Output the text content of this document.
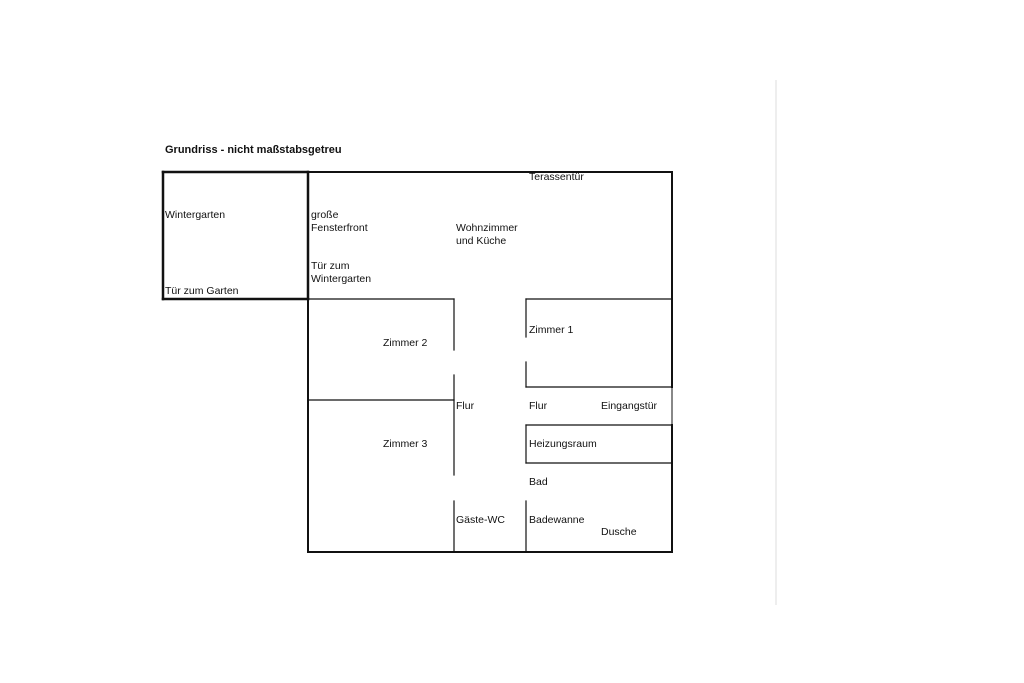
Grundriss - nicht maßstabsgetreu
Terassentür
Wintergarten
Tür zum Garten
große
Fensterfront
Tür zum
Wintergarten
Wohnzimmer
und Küche
Zimmer 1
Zimmer 2
Zimmer 3
Flur	Flur	Eingangstür
Heizungsraum
Bad
Gäste-WC Badewanne
Dusche
